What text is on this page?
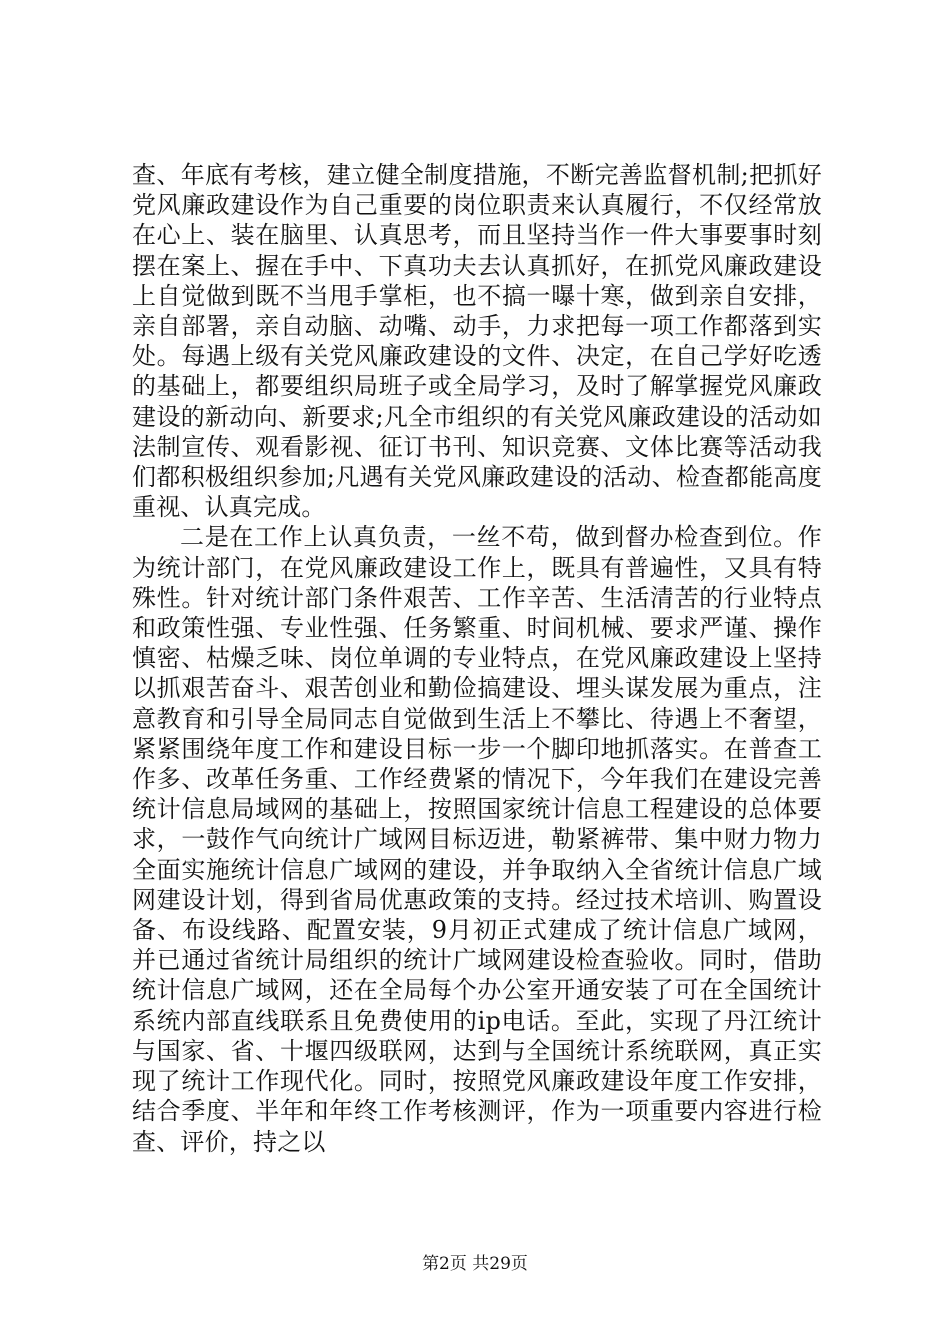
查、年底有考核，建立健全制度措施，不断完善监督机制;把抓好党风廉政建设作为自己重要的岗位职责来认真履行，不仅经常放在心上、装在脑里、认真思考，而且坚持当作一件大事要事时刻摆在案上、握在手中、下真功夫去认真抓好，在抓党风廉政建设上自觉做到既不当甩手掌柜，也不搞一曝十寒，做到亲自安排，亲自部署，亲自动脑、动嘴、动手，力求把每一项工作都落到实处。每遇上级有关党风廉政建设的文件、决定，在自己学好吃透的基础上，都要组织局班子或全局学习，及时了解掌握党风廉政建设的新动向、新要求;凡全市组织的有关党风廉政建设的活动如法制宣传、观看影视、征订书刊、知识竞赛、文体比赛等活动我们都积极组织参加;凡遇有关党风廉政建设的活动、检查都能高度重视、认真完成。

二是在工作上认真负责，一丝不苟，做到督办检查到位。作为统计部门，在党风廉政建设工作上，既具有普遍性，又具有特殊性。针对统计部门条件艰苦、工作辛苦、生活清苦的行业特点和政策性强、专业性强、任务繁重、时间机械、要求严谨、操作慎密、枯燥乏味、岗位单调的专业特点，在党风廉政建设上坚持以抓艰苦奋斗、艰苦创业和勤俭搞建设、埋头谋发展为重点，注意教育和引导全局同志自觉做到生活上不攀比、待遇上不奢望，紧紧围绕年度工作和建设目标一步一个脚印地抓落实。在普查工作多、改革任务重、工作经费紧的情况下，今年我们在建设完善统计信息局域网的基础上，按照国家统计信息工程建设的总体要求，一鼓作气向统计广域网目标迈进，勒紧裤带、集中财力物力全面实施统计信息广域网的建设，并争取纳入全省统计信息广域网建设计划，得到省局优惠政策的支持。经过技术培训、购置设备、布设线路、配置安装，9月初正式建成了统计信息广域网，并已通过省统计局组织的统计广域网建设检查验收。同时，借助统计信息广域网，还在全局每个办公室开通安装了可在全国统计系统内部直线联系且免费使用的ip电话。至此，实现了丹江统计与国家、省、十堰四级联网，达到与全国统计系统联网，真正实现了统计工作现代化。同时，按照党风廉政建设年度工作安排，结合季度、半年和年终工作考核测评，作为一项重要内容进行检查、评价，持之以

第2页 共29页
